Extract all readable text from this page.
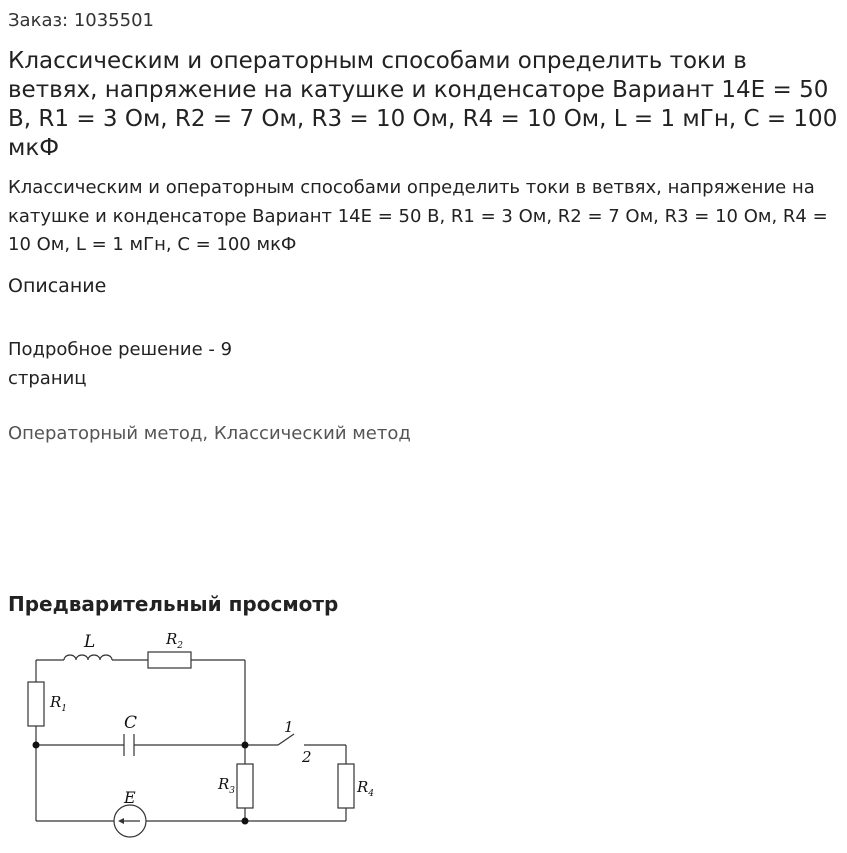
Заказ: 1035501
Классическим и операторным способами определить токи в ветвях, напряжение на катушке и конденсаторе Вариант 14E = 50 В, R1 = 3 Ом, R2 = 7 Ом, R3 = 10 Ом, R4 = 10 Ом, L = 1 мГн, C = 100 мкФ

Классическим и операторным способами определить токи в ветвях, напряжение на катушке и конденсаторе Вариант 14E = 50 В, R1 = 3 Ом, R2 = 7 Ом, R3 = 10 Ом, R4 = 10 Ом, L = 1 мГн, C = 100 мкФ

Описание
Подробное решение - 9 страниц
Операторный метод, Классический метод
Предварительный просмотр
L	$R_2$
$R_1$
C	1
2
$R_3$	$R_4$
E
